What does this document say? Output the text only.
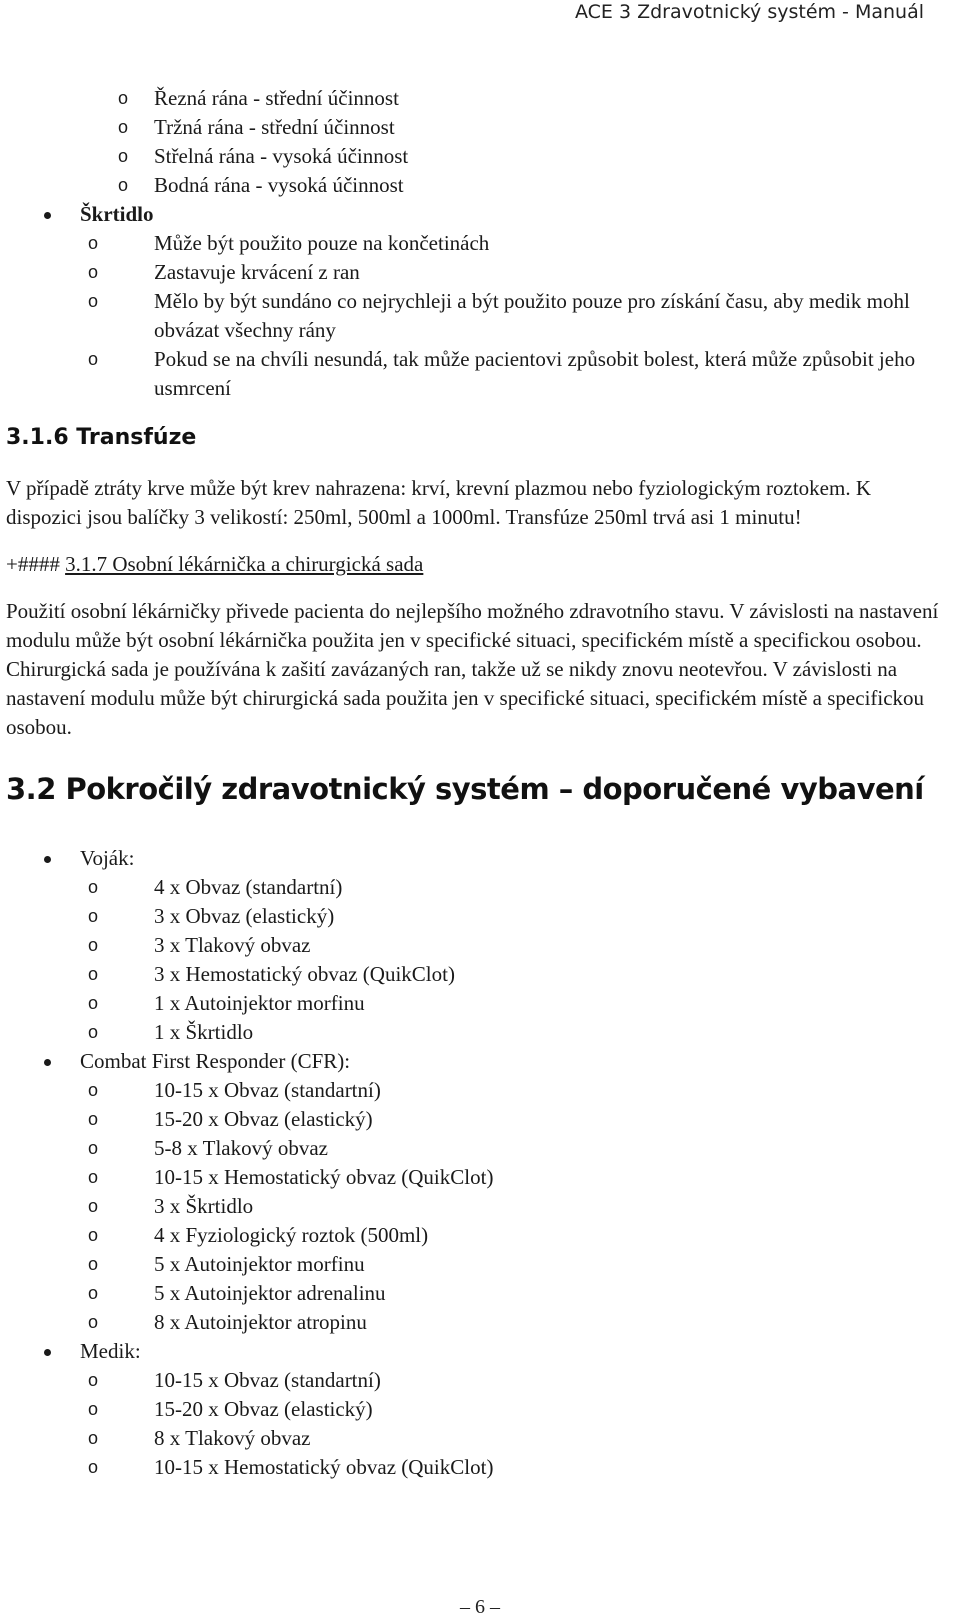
ACE 3 Zdravotnický systém - Manuál
o Řezná rána - střední účinnost
o Tržná rána - střední účinnost
o Střelná rána - vysoká účinnost
o Bodná rána - vysoká účinnost
Škrtidlo
o Může být použito pouze na končetinách
o Zastavuje krvácení z ran
o Mělo by být sundáno co nejrychleji a být použito pouze pro získání času, aby medik mohl obvázat všechny rány
o Pokud se na chvíli nesundá, tak může pacientovi způsobit bolest, která může způsobit jeho usmrcení
3.1.6 Transfúze

V případě ztráty krve může být krev nahrazena: krví, krevní plazmou nebo fyziologickým roztokem. K dispozici jsou balíčky 3 velikostí: 250ml, 500ml a 1000ml. Transfúze 250ml trvá asi 1 minutu!

+#### 3.1.7 Osobní lékárnička a chirurgická sada

Použití osobní lékárničky přivede pacienta do nejlepšího možného zdravotního stavu. V závislosti na nastavení modulu může být osobní lékárnička použita jen v specifické situaci, specifickém místě a specifickou osobou. Chirurgická sada je používána k zašití zavázaných ran, takže už se nikdy znovu neotevřou. V závislosti na nastavení modulu může být chirurgická sada použita jen v specifické situaci, specifickém místě a specifickou osobou.

3.2 Pokročilý zdravotnický systém – doporučené vybavení
Voják:
o 4 x Obvaz (standartní)
o 3 x Obvaz (elastický)
o 3 x Tlakový obvaz
o 3 x Hemostatický obvaz (QuikClot)
o 1 x Autoinjektor morfinu
o 1 x Škrtidlo
Combat First Responder (CFR):
o 10-15 x Obvaz (standartní)
o 15-20 x Obvaz (elastický)
o 5-8 x Tlakový obvaz
o 10-15 x Hemostatický obvaz (QuikClot)
o 3 x Škrtidlo
o 4 x Fyziologický roztok (500ml)
o 5 x Autoinjektor morfinu
o 5 x Autoinjektor adrenalinu
o 8 x Autoinjektor atropinu
Medik:
o 10-15 x Obvaz (standartní)
o 15-20 x Obvaz (elastický)
o 8 x Tlakový obvaz
o 10-15 x Hemostatický obvaz (QuikClot)
– 6 –
